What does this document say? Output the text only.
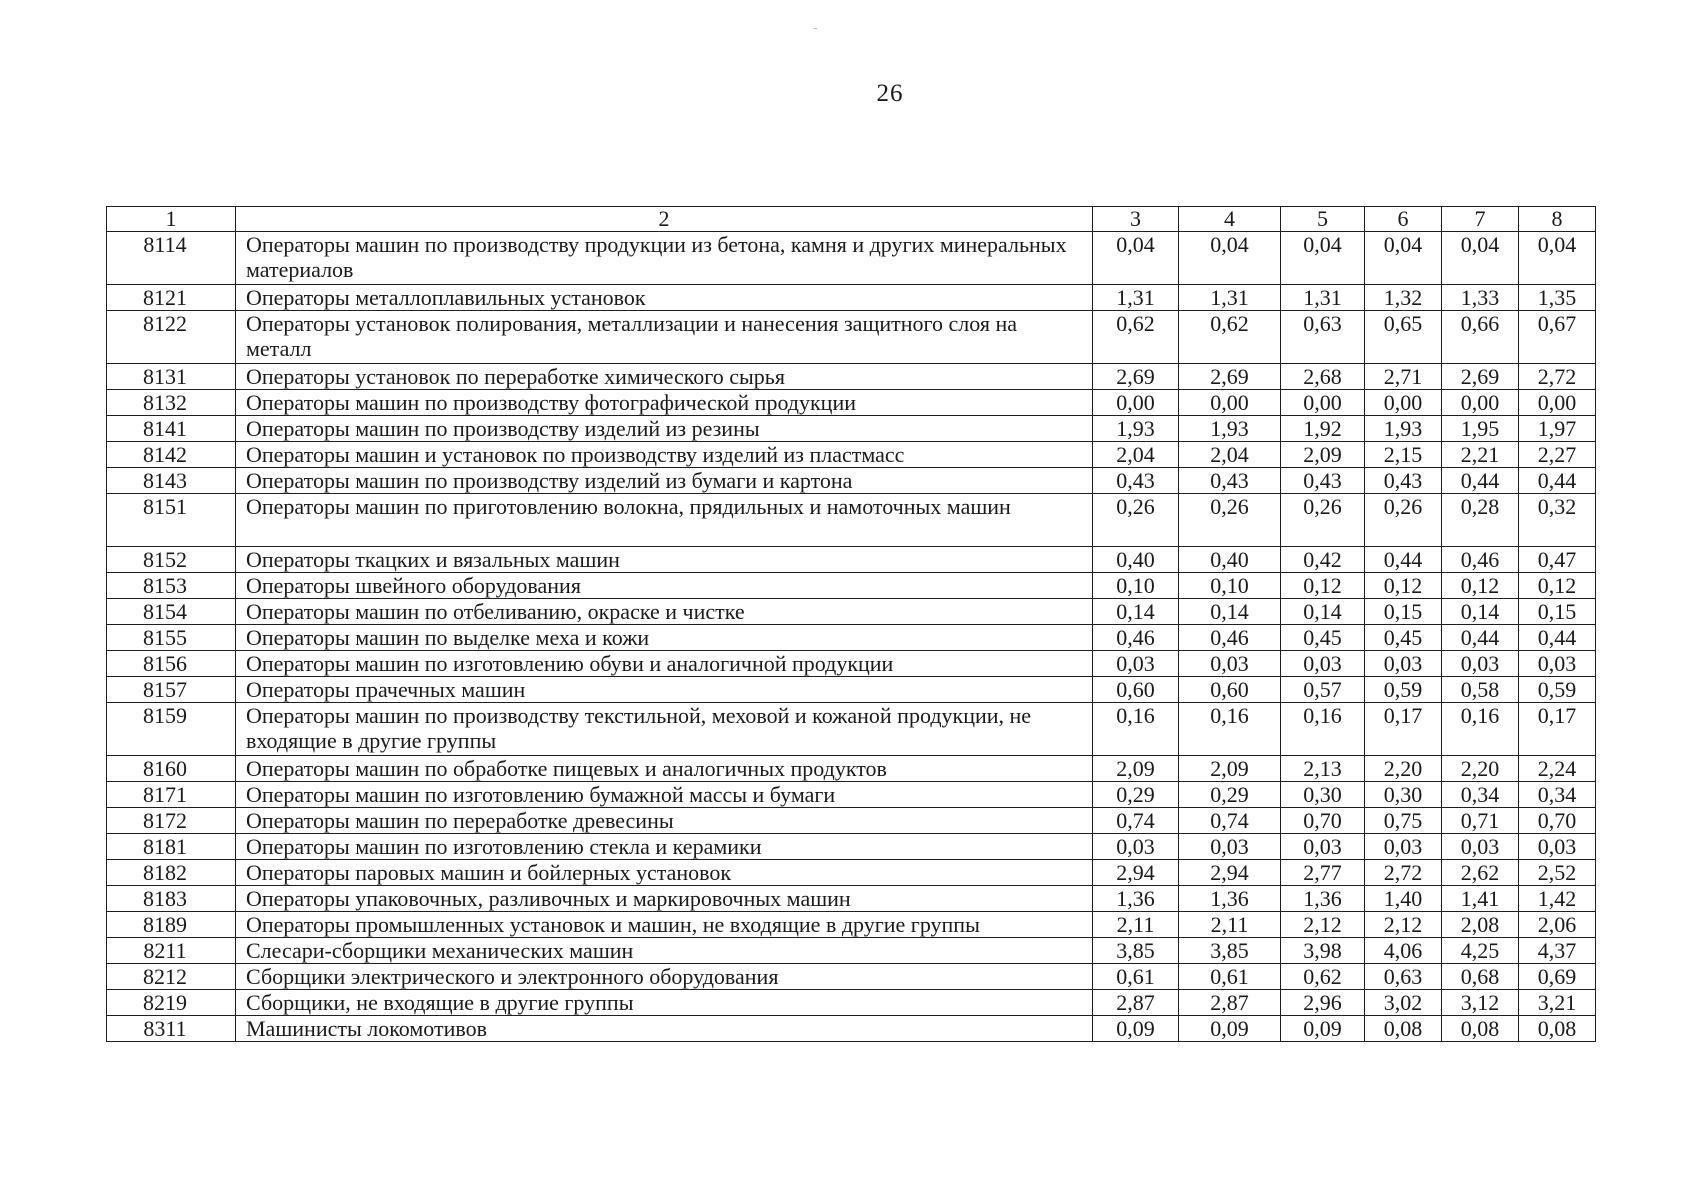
26
1	2	3	4	5	6	7	8
8114	Операторы машин по производству продукции из бетона, камня и других минеральных материалов	0,04	0,04	0,04	0,04	0,04	0,04
8121	Операторы металлоплавильных установок	1,31	1,31	1,31	1,32	1,33	1,35
8122	Операторы установок полирования, металлизации и нанесения защитного слоя на металл	0,62	0,62	0,63	0,65	0,66	0,67
8131	Операторы установок по переработке химического сырья	2,69	2,69	2,68	2,71	2,69	2,72
8132	Операторы машин по производству фотографической продукции	0,00	0,00	0,00	0,00	0,00	0,00
8141	Операторы машин по производству изделий из резины	1,93	1,93	1,92	1,93	1,95	1,97
8142	Операторы машин и установок по производству изделий из пластмасс	2,04	2,04	2,09	2,15	2,21	2,27
8143	Операторы машин по производству изделий из бумаги и картона	0,43	0,43	0,43	0,43	0,44	0,44
8151	Операторы машин по приготовлению волокна, прядильных и намоточных машин	0,26	0,26	0,26	0,26	0,28	0,32
8152	Операторы ткацких и вязальных машин	0,40	0,40	0,42	0,44	0,46	0,47
8153	Операторы швейного оборудования	0,10	0,10	0,12	0,12	0,12	0,12
8154	Операторы машин по отбеливанию, окраске и чистке	0,14	0,14	0,14	0,15	0,14	0,15
8155	Операторы машин по выделке меха и кожи	0,46	0,46	0,45	0,45	0,44	0,44
8156	Операторы машин по изготовлению обуви и аналогичной продукции	0,03	0,03	0,03	0,03	0,03	0,03
8157	Операторы прачечных машин	0,60	0,60	0,57	0,59	0,58	0,59
8159	Операторы машин по производству текстильной, меховой и кожаной продукции, не входящие в другие группы	0,16	0,16	0,16	0,17	0,16	0,17
8160	Операторы машин по обработке пищевых и аналогичных продуктов	2,09	2,09	2,13	2,20	2,20	2,24
8171	Операторы машин по изготовлению бумажной массы и бумаги	0,29	0,29	0,30	0,30	0,34	0,34
8172	Операторы машин по переработке древесины	0,74	0,74	0,70	0,75	0,71	0,70
8181	Операторы машин по изготовлению стекла и керамики	0,03	0,03	0,03	0,03	0,03	0,03
8182	Операторы паровых машин и бойлерных установок	2,94	2,94	2,77	2,72	2,62	2,52
8183	Операторы упаковочных, разливочных и маркировочных машин	1,36	1,36	1,36	1,40	1,41	1,42
8189	Операторы промышленных установок и машин, не входящие в другие группы	2,11	2,11	2,12	2,12	2,08	2,06
8211	Слесари-сборщики механических машин	3,85	3,85	3,98	4,06	4,25	4,37
8212	Сборщики электрического и электронного оборудования	0,61	0,61	0,62	0,63	0,68	0,69
8219	Сборщики, не входящие в другие группы	2,87	2,87	2,96	3,02	3,12	3,21
8311	Машинисты локомотивов	0,09	0,09	0,09	0,08	0,08	0,08
